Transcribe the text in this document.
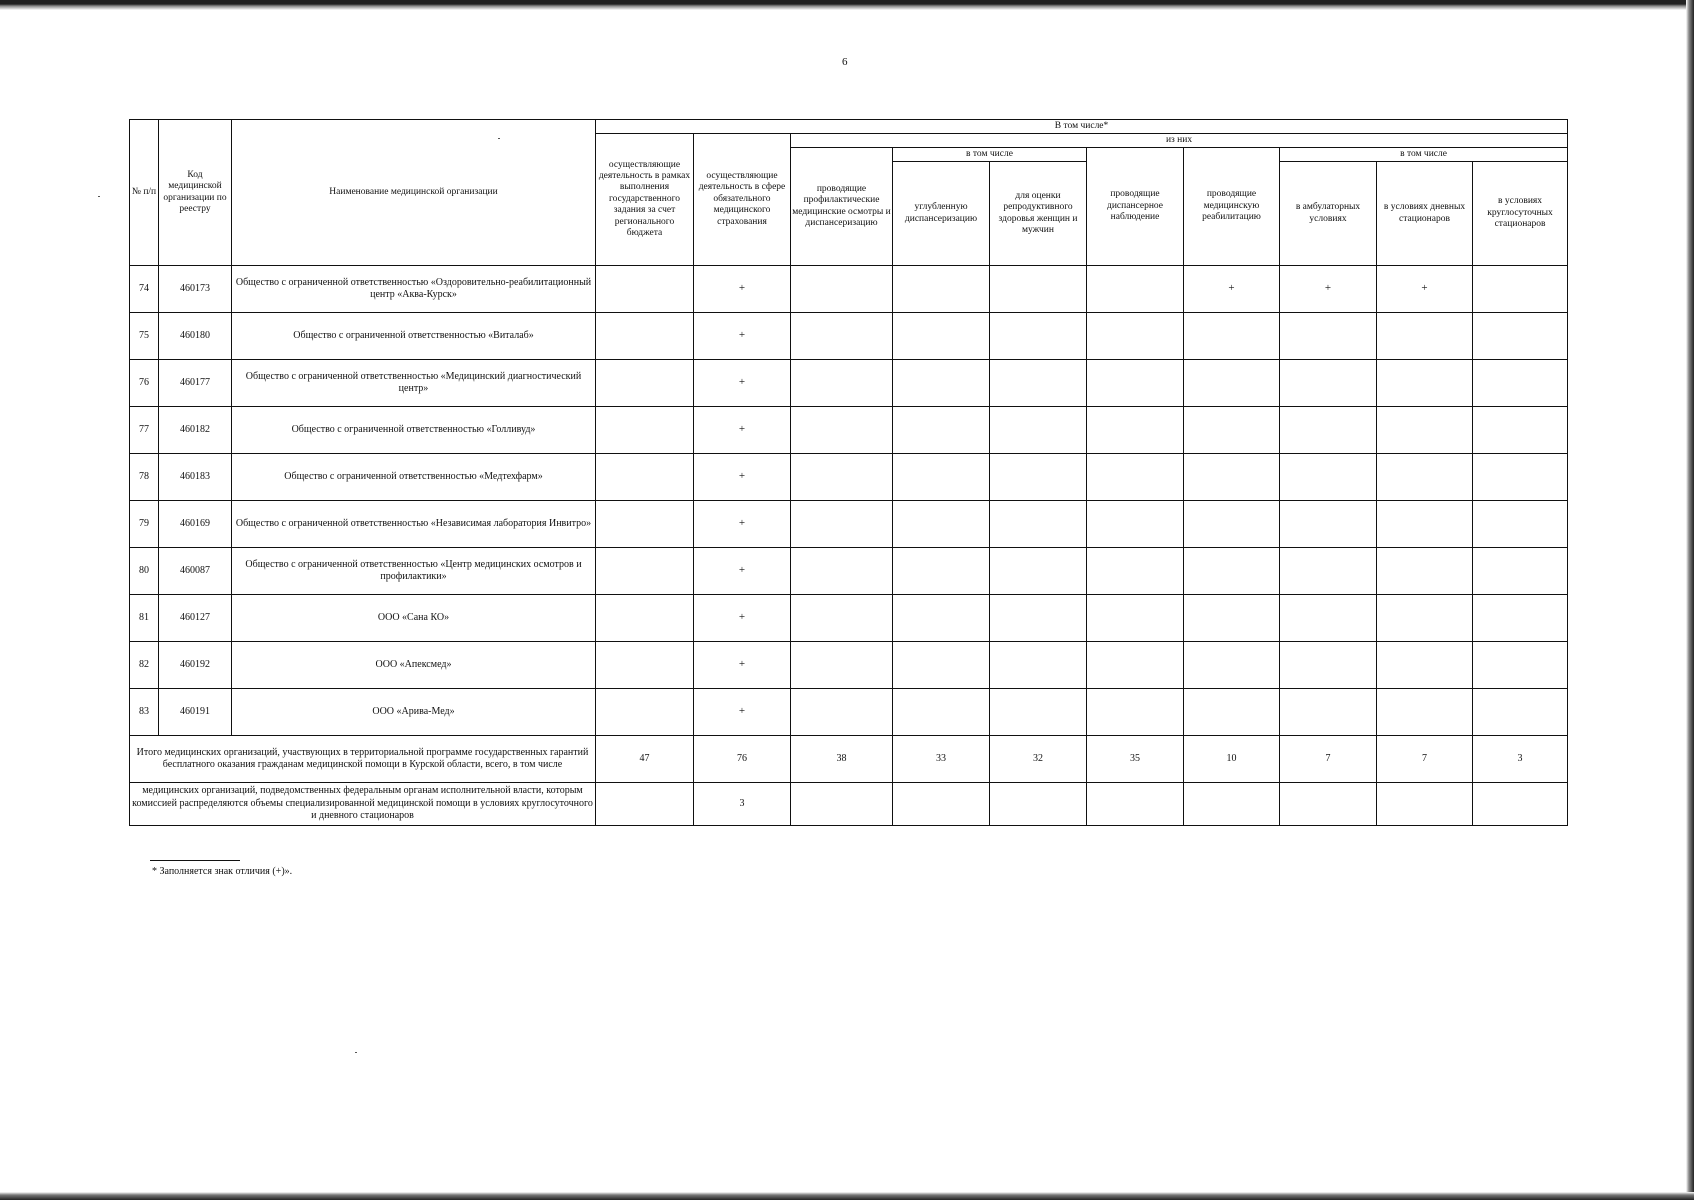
6
№ п/п	Код медицинской организации по реестру	Наименование медицинской организации	В том числе*									
			осуществляющие деятельность в рамках выполнения государственного задания за счет регионального бюджета	осуществляющие деятельность в сфере обязательного медицинского страхования	из них							
					проводящие профилактические медицинские осмотры и диспансеризацию	в том числе		проводящие диспансерное наблюдение	проводящие медицинскую реабилитацию	в том числе		
						углубленную диспансеризацию	для оценки репродуктивного здоровья женщин и мужчин			в амбулаторных условиях	в условиях дневных стационаров	в условиях круглосуточных стационаров
74	460173	Общество с ограниченной ответственностью «Оздоровительно-реабилитационный центр «Аква-Курск»		+					+	+	+	
75	460180	Общество с ограниченной ответственностью «Виталаб»		+								
76	460177	Общество с ограниченной ответственностью «Медицинский диагностический центр»		+								
77	460182	Общество с ограниченной ответственностью «Голливуд»		+								
78	460183	Общество с ограниченной ответственностью «Медтехфарм»		+								
79	460169	Общество с ограниченной ответственностью «Независимая лаборатория Инвитро»		+								
80	460087	Общество с ограниченной ответственностью «Центр медицинских осмотров и профилактики»		+								
81	460127	ООО «Сана КО»		+								
82	460192	ООО «Апексмед»		+								
83	460191	ООО «Арива-Мед»		+								
Итого медицинских организаций, участвующих в территориальной программе государственных гарантий бесплатного оказания гражданам медицинской помощи в Курской области, всего, в том числе			47	76	38	33	32	35	10	7	7	3
медицинских организаций, подведомственных федеральным органам исполнительной власти, которым комиссией распределяются объемы специализированной медицинской помощи в условиях круглосуточного и дневного стационаров				3								
* Заполняется знак отличия (+)».
